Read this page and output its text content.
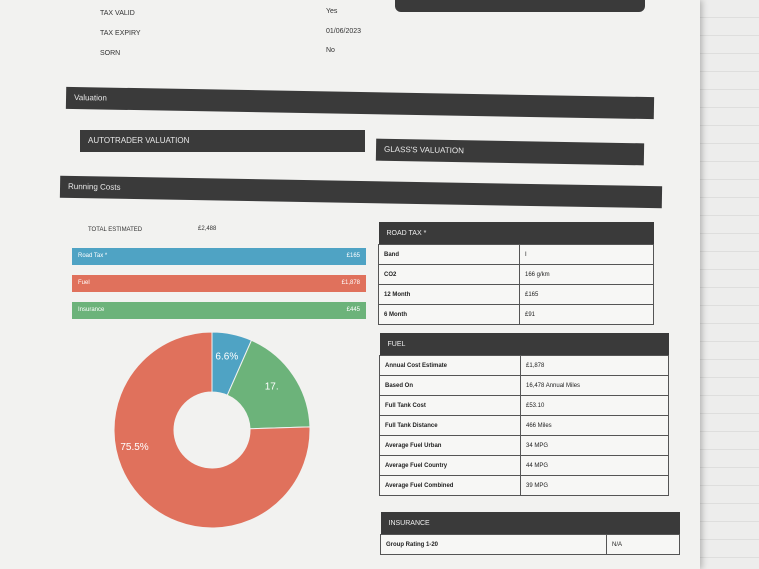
TAX VALID	Yes
TAX EXPIRY	01/06/2023
SORN	No
Valuation
AUTOTRADER VALUATION
GLASS'S VALUATION
Running Costs
TOTAL ESTIMATED	£2,488
Road Tax *	£165
Fuel	£1,878
Insurance	£445
6.6%
17.
75.5%
ROAD TAX *	
Band	I
CO2	166 g/km
12 Month	£165
6 Month	£91
FUEL	
Annual Cost Estimate	£1,878
Based On	16,478 Annual Miles
Full Tank Cost	£53.10
Full Tank Distance	466 Miles
Average Fuel Urban	34 MPG
Average Fuel Country	44 MPG
Average Fuel Combined	39 MPG
INSURANCE
Group Rating 1-20	N/A
